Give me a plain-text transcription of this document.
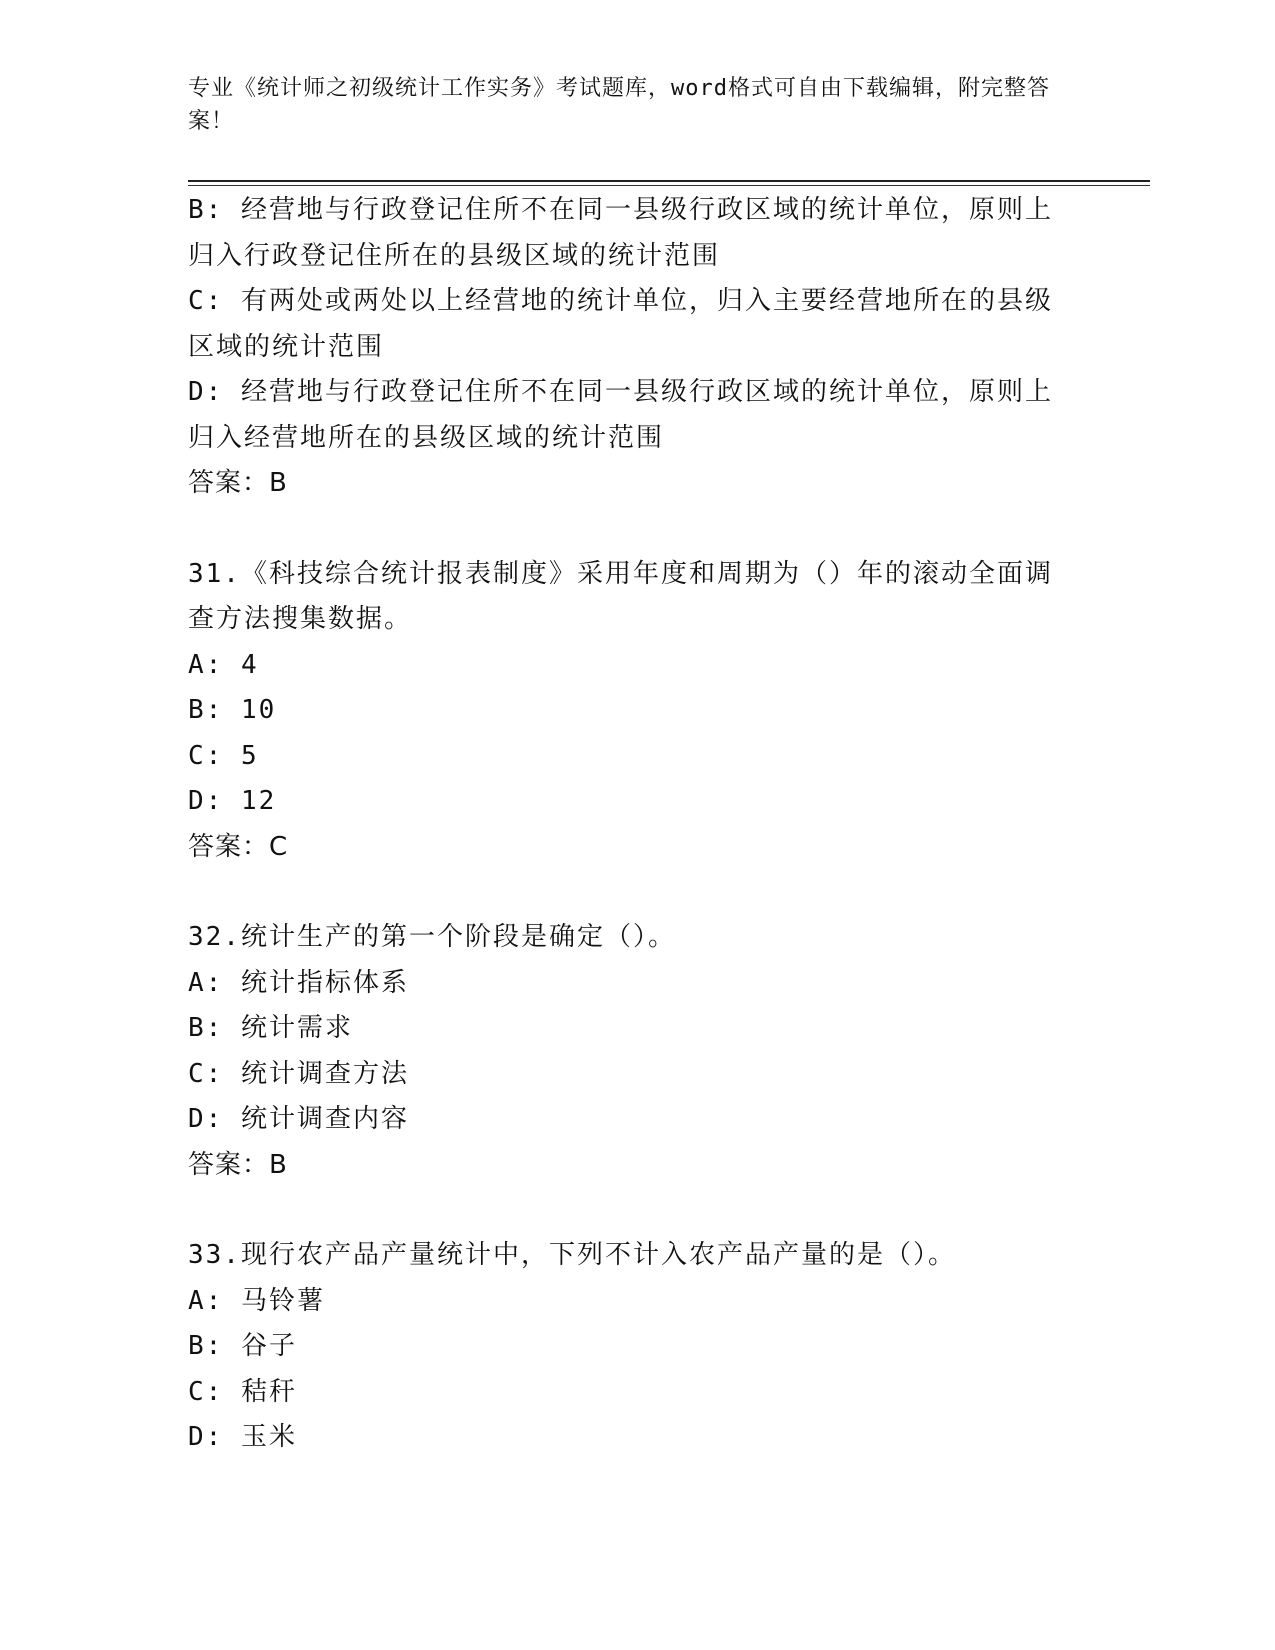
专业《统计师之初级统计工作实务》考试题库，word格式可自由下载编辑，附完整答案！
B: 经营地与行政登记住所不在同一县级行政区域的统计单位，原则上归入行政登记住所在的县级区域的统计范围
C: 有两处或两处以上经营地的统计单位，归入主要经营地所在的县级区域的统计范围
D: 经营地与行政登记住所不在同一县级行政区域的统计单位，原则上归入经营地所在的县级区域的统计范围
答案：B
31.《科技综合统计报表制度》采用年度和周期为（）年的滚动全面调查方法搜集数据。
A: 4
B: 10
C: 5
D: 12
答案：C
32.统计生产的第一个阶段是确定（）。
A: 统计指标体系
B: 统计需求
C: 统计调查方法
D: 统计调查内容
答案：B
33.现行农产品产量统计中，下列不计入农产品产量的是（）。
A: 马铃薯
B: 谷子
C: 秸秆
D: 玉米
